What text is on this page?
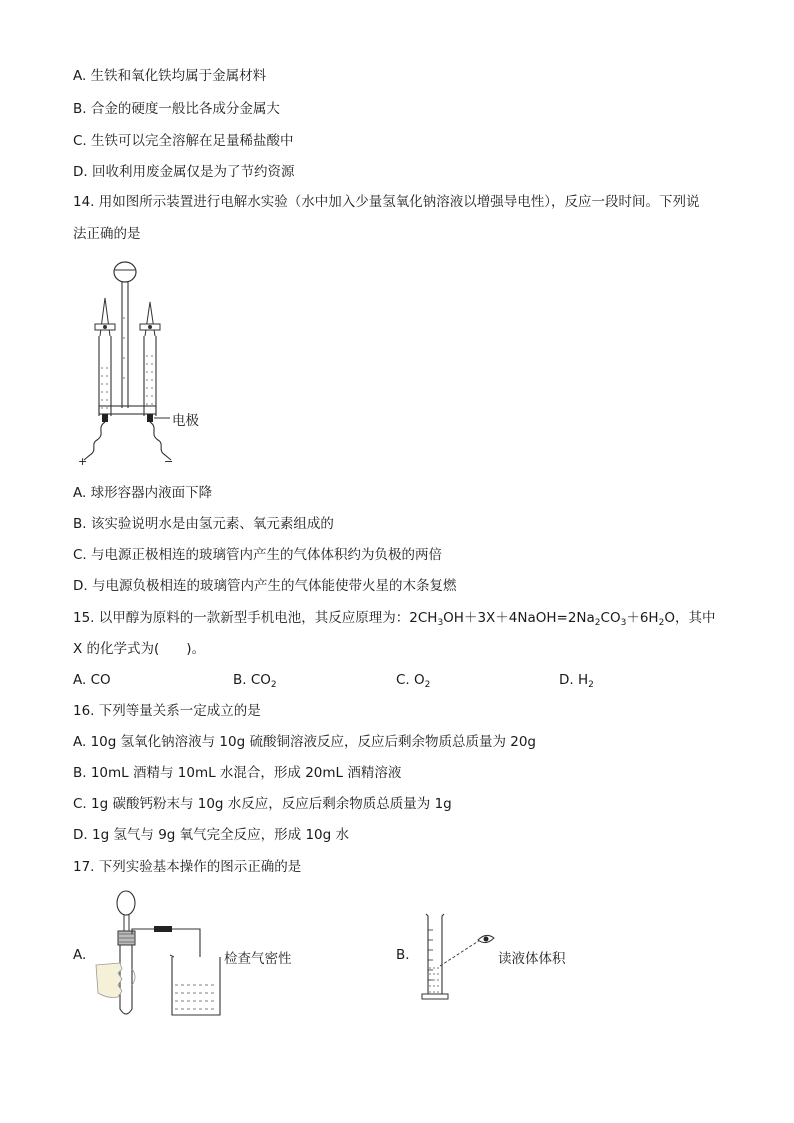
A. 生铁和氧化铁均属于金属材料
B. 合金的硬度一般比各成分金属大
C. 生铁可以完全溶解在足量稀盐酸中
D. 回收利用废金属仅是为了节约资源
14. 用如图所示装置进行电解水实验（水中加入少量氢氧化钠溶液以增强导电性），反应一段时间。下列说
法正确的是
电极
+	−
A. 球形容器内液面下降
B. 该实验说明水是由氢元素、氧元素组成的
C. 与电源正极相连的玻璃管内产生的气体体积约为负极的两倍
D. 与电源负极相连的玻璃管内产生的气体能使带火星的木条复燃
15. 以甲醇为原料的一款新型手机电池，其反应原理为：$2CH_3OH+3X+4NaOH=2Na_2CO_3+6H_2O$，其中
X 的化学式为(　　)。
A. CO	B. $CO_2$	C. $O_2$	D. $H_2$
16. 下列等量关系一定成立的是
A. 10g 氢氧化钠溶液与 10g 硫酸铜溶液反应，反应后剩余物质总质量为 20g
B. 10mL 酒精与 10mL 水混合，形成 20mL 酒精溶液
C. 1g 碳酸钙粉末与 10g 水反应，反应后剩余物质总质量为 1g
D. 1g 氢气与 9g 氧气完全反应，形成 10g 水
17. 下列实验基本操作的图示正确的是
A.	检查气密性	B.	读液体体积
